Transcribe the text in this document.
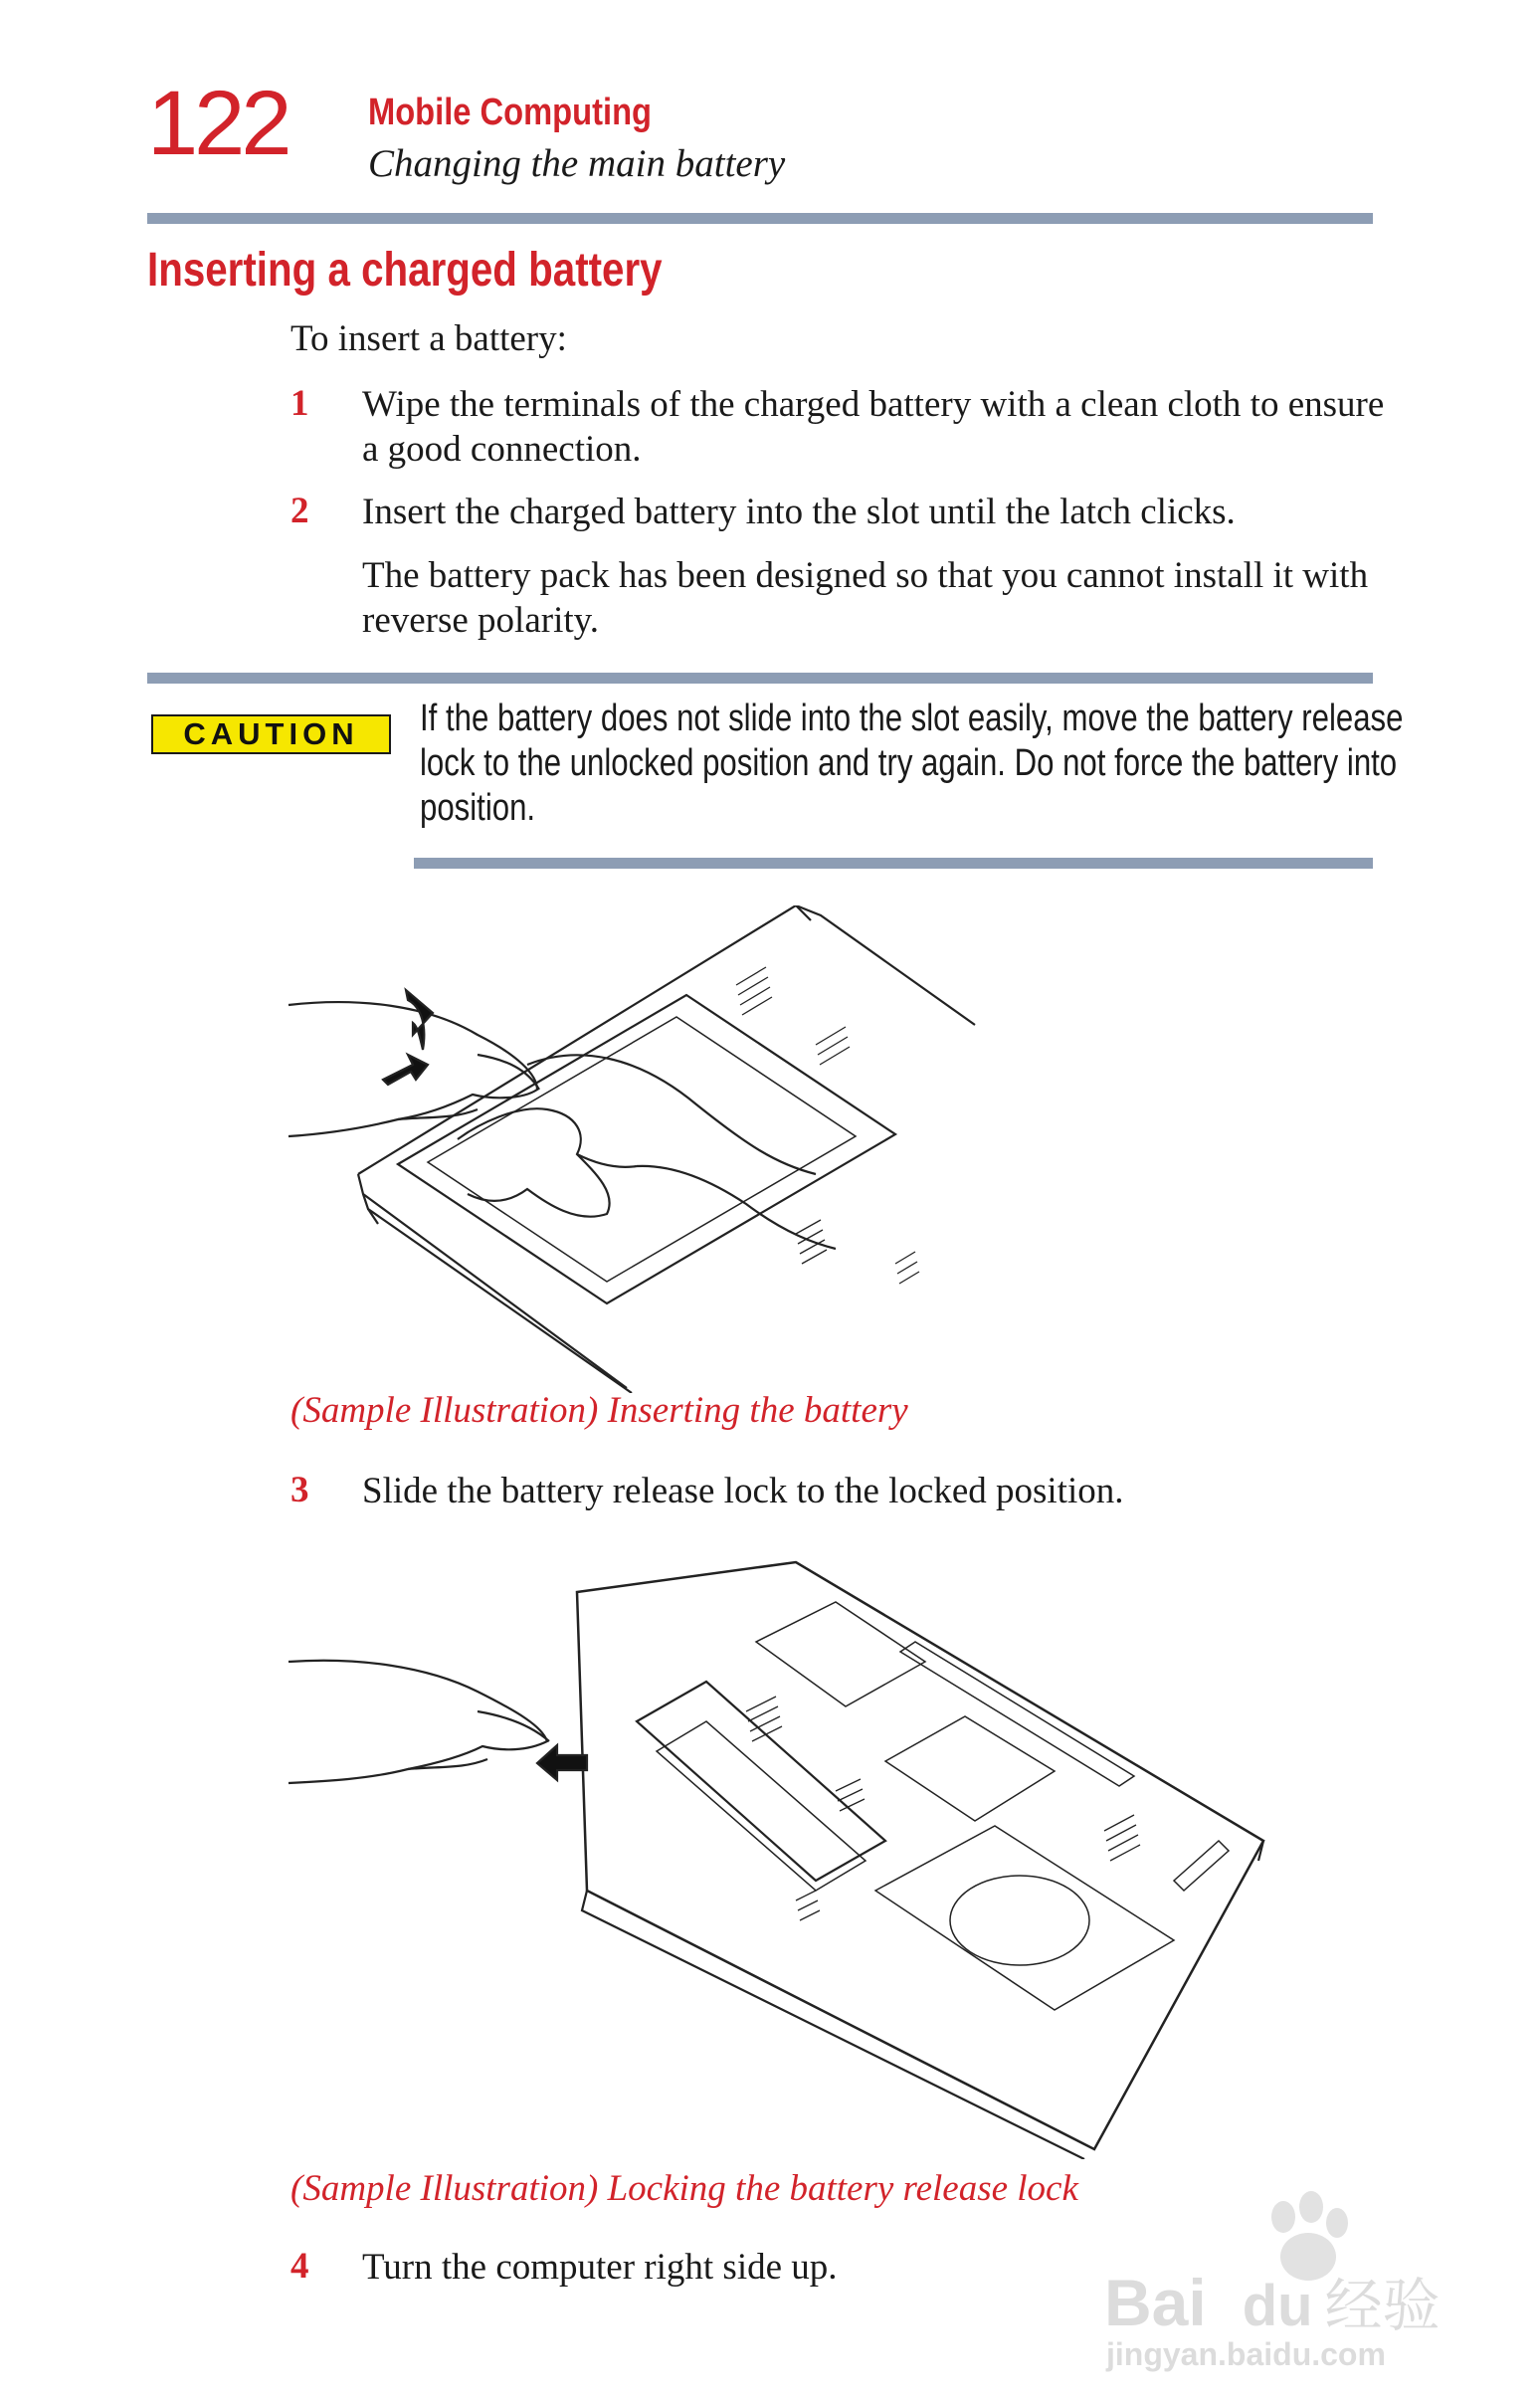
122 Mobile Computing
Changing the main battery
Inserting a charged battery
To insert a battery:
1 Wipe the terminals of the charged battery with a clean cloth to ensure a good connection.
2 Insert the charged battery into the slot until the latch clicks.
The battery pack has been designed so that you cannot install it with reverse polarity.
CAUTION	If the battery does not slide into the slot easily, move the battery release lock to the unlocked position and try again. Do not force the battery into position.
(Sample Illustration) Inserting the battery
3 Slide the battery release lock to the locked position.
(Sample Illustration) Locking the battery release lock
4 Turn the computer right side up.	Bai du 经验
jingyan.baidu.com
